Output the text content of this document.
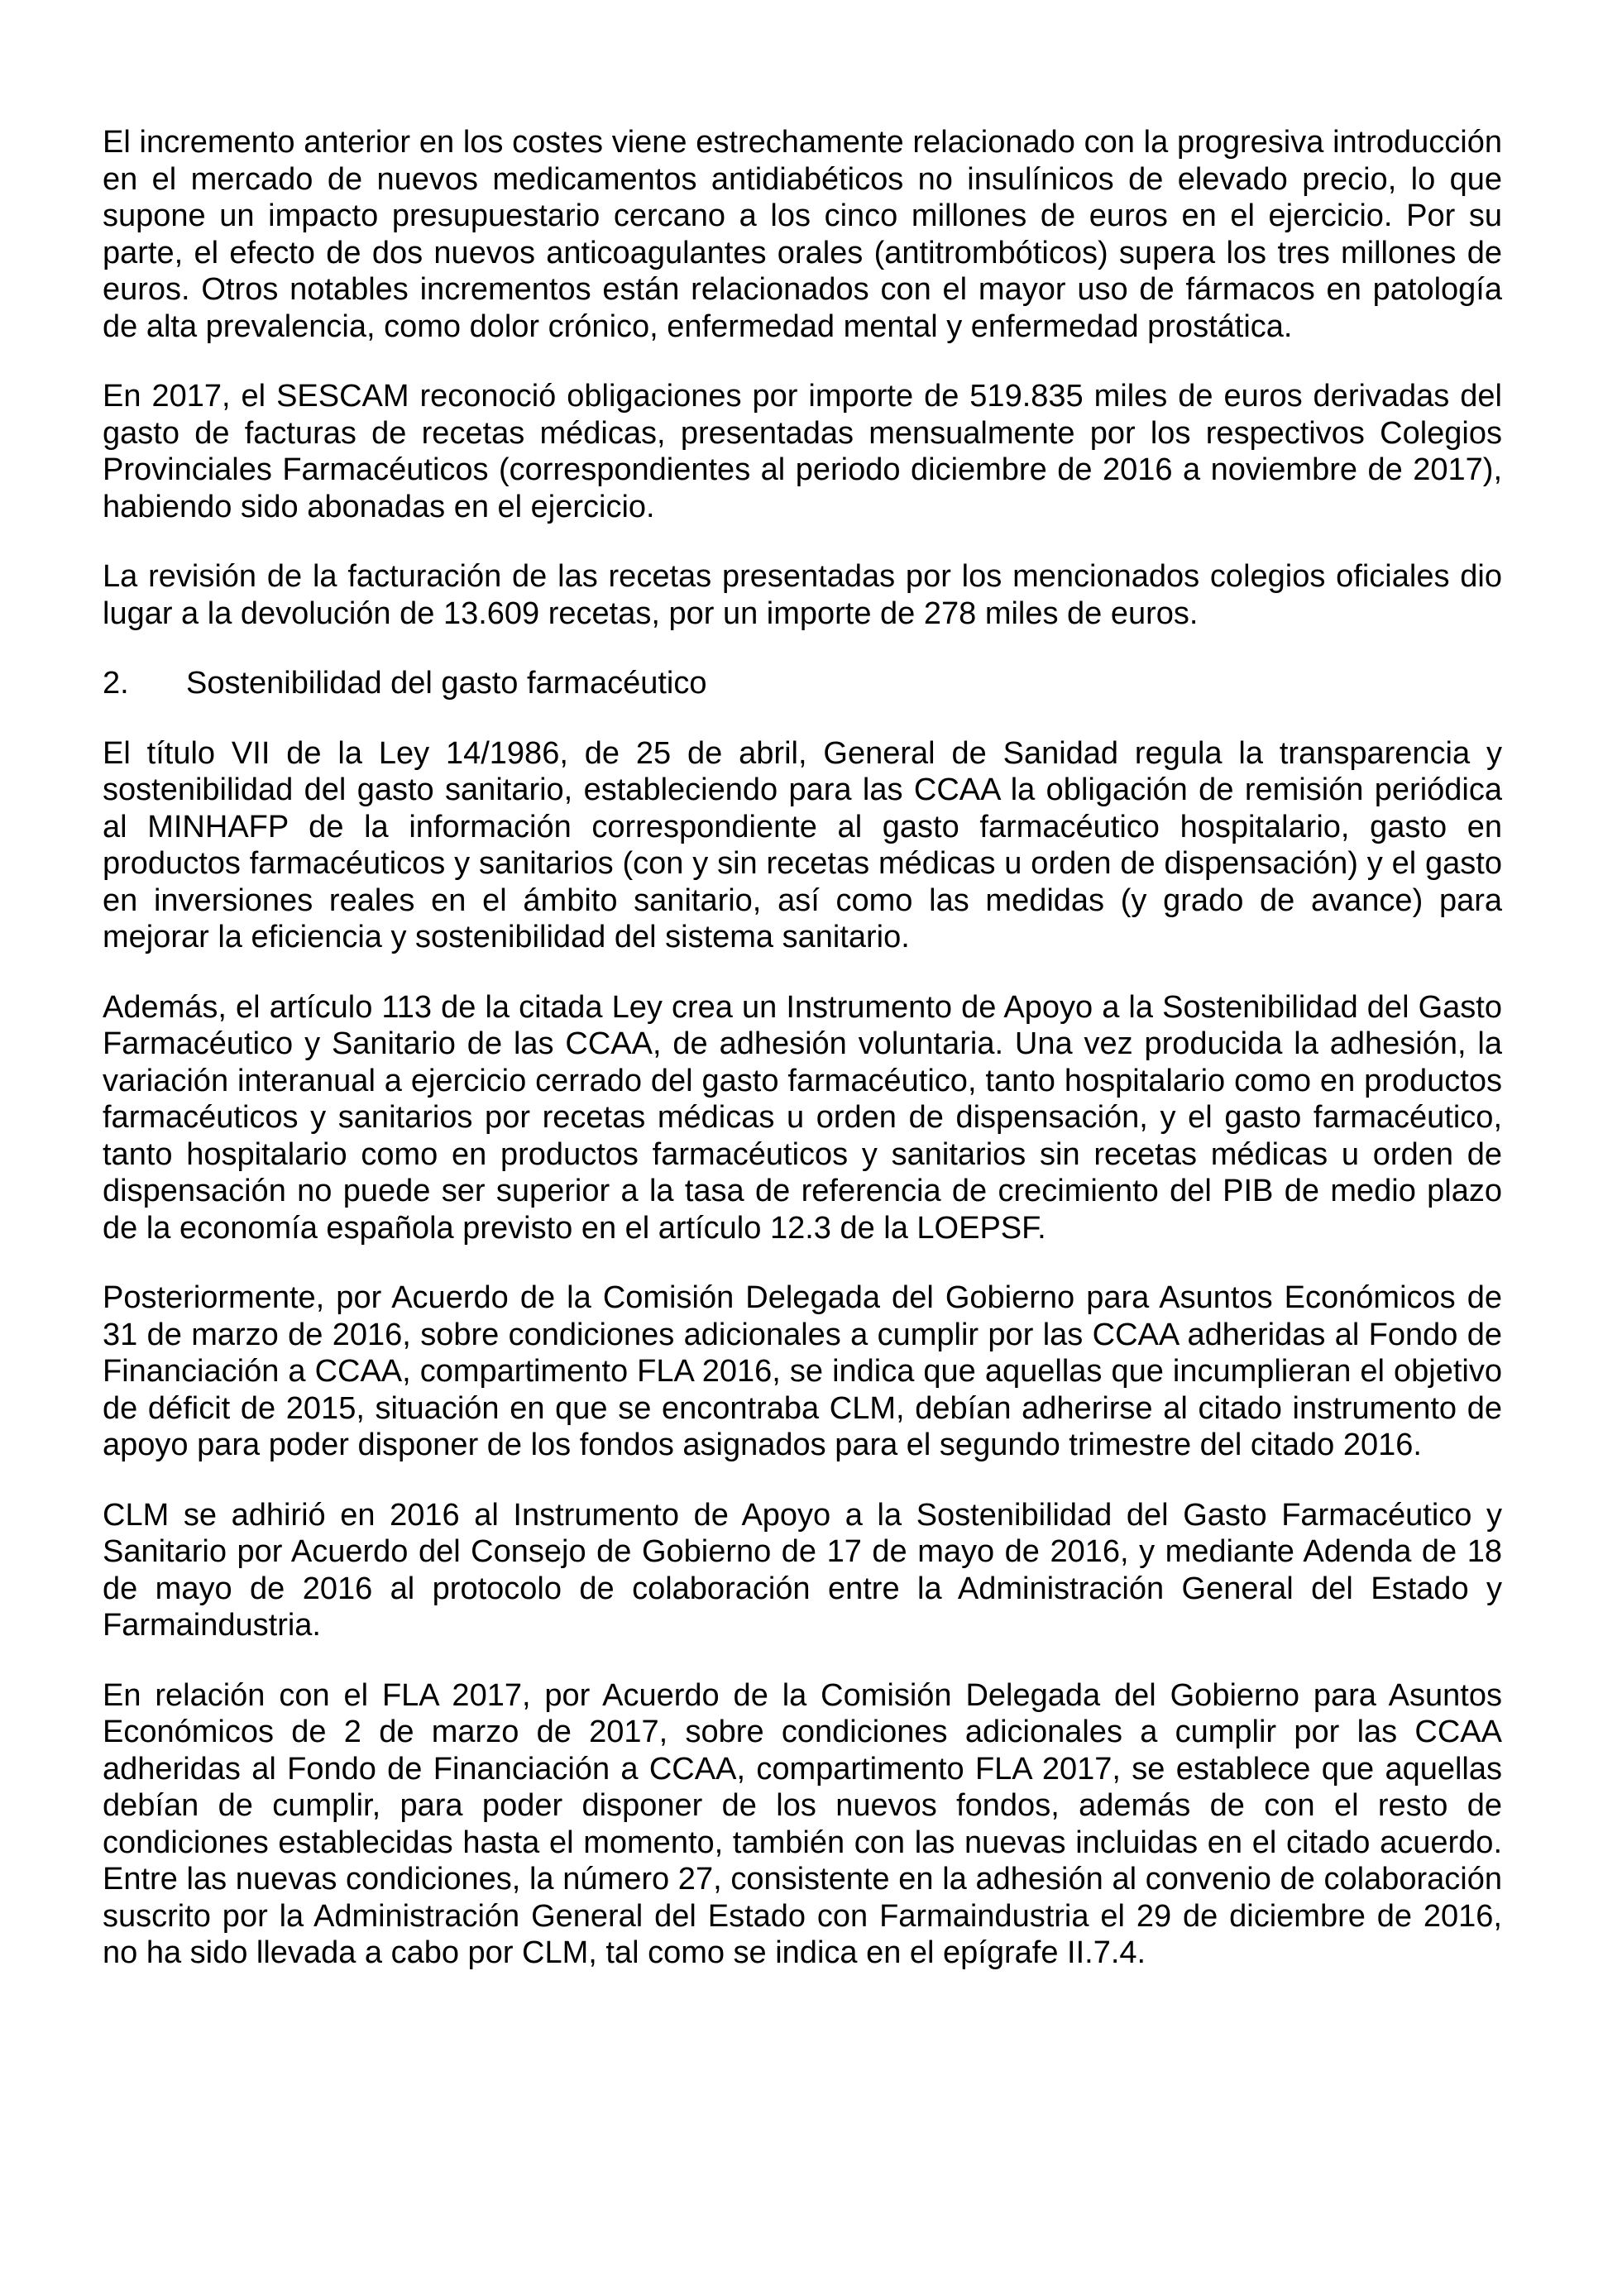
El incremento anterior en los costes viene estrechamente relacionado con la progresiva introducción en el mercado de nuevos medicamentos antidiabéticos no insulínicos de elevado precio, lo que supone un impacto presupuestario cercano a los cinco millones de euros en el ejercicio. Por su parte, el efecto de dos nuevos anticoagulantes orales (antitrombóticos) supera los tres millones de euros. Otros notables incrementos están relacionados con el mayor uso de fármacos en patología de alta prevalencia, como dolor crónico, enfermedad mental y enfermedad prostática.

En 2017, el SESCAM reconoció obligaciones por importe de 519.835 miles de euros derivadas del gasto de facturas de recetas médicas, presentadas mensualmente por los respectivos Colegios Provinciales Farmacéuticos (correspondientes al periodo diciembre de 2016 a noviembre de 2017), habiendo sido abonadas en el ejercicio.

La revisión de la facturación de las recetas presentadas por los mencionados colegios oficiales dio lugar a la devolución de 13.609 recetas, por un importe de 278 miles de euros.

2.	Sostenibilidad del gasto farmacéutico

El título VII de la Ley 14/1986, de 25 de abril, General de Sanidad regula la transparencia y sostenibilidad del gasto sanitario, estableciendo para las CCAA la obligación de remisión periódica al MINHAFP de la información correspondiente al gasto farmacéutico hospitalario, gasto en productos farmacéuticos y sanitarios (con y sin recetas médicas u orden de dispensación) y el gasto en inversiones reales en el ámbito sanitario, así como las medidas (y grado de avance) para mejorar la eficiencia y sostenibilidad del sistema sanitario.

Además, el artículo 113 de la citada Ley crea un Instrumento de Apoyo a la Sostenibilidad del Gasto Farmacéutico y Sanitario de las CCAA, de adhesión voluntaria. Una vez producida la adhesión, la variación interanual a ejercicio cerrado del gasto farmacéutico, tanto hospitalario como en productos farmacéuticos y sanitarios por recetas médicas u orden de dispensación, y el gasto farmacéutico, tanto hospitalario como en productos farmacéuticos y sanitarios sin recetas médicas u orden de dispensación no puede ser superior a la tasa de referencia de crecimiento del PIB de medio plazo de la economía española previsto en el artículo 12.3 de la LOEPSF.

Posteriormente, por Acuerdo de la Comisión Delegada del Gobierno para Asuntos Económicos de 31 de marzo de 2016, sobre condiciones adicionales a cumplir por las CCAA adheridas al Fondo de Financiación a CCAA, compartimento FLA 2016, se indica que aquellas que incumplieran el objetivo de déficit de 2015, situación en que se encontraba CLM, debían adherirse al citado instrumento de apoyo para poder disponer de los fondos asignados para el segundo trimestre del citado 2016.

CLM se adhirió en 2016 al Instrumento de Apoyo a la Sostenibilidad del Gasto Farmacéutico y Sanitario por Acuerdo del Consejo de Gobierno de 17 de mayo de 2016, y mediante Adenda de 18 de mayo de 2016 al protocolo de colaboración entre la Administración General del Estado y Farmaindustria.

En relación con el FLA 2017, por Acuerdo de la Comisión Delegada del Gobierno para Asuntos Económicos de 2 de marzo de 2017, sobre condiciones adicionales a cumplir por las CCAA adheridas al Fondo de Financiación a CCAA, compartimento FLA 2017, se establece que aquellas debían de cumplir, para poder disponer de los nuevos fondos, además de con el resto de condiciones establecidas hasta el momento, también con las nuevas incluidas en el citado acuerdo. Entre las nuevas condiciones, la número 27, consistente en la adhesión al convenio de colaboración suscrito por la Administración General del Estado con Farmaindustria el 29 de diciembre de 2016, no ha sido llevada a cabo por CLM, tal como se indica en el epígrafe II.7.4.
